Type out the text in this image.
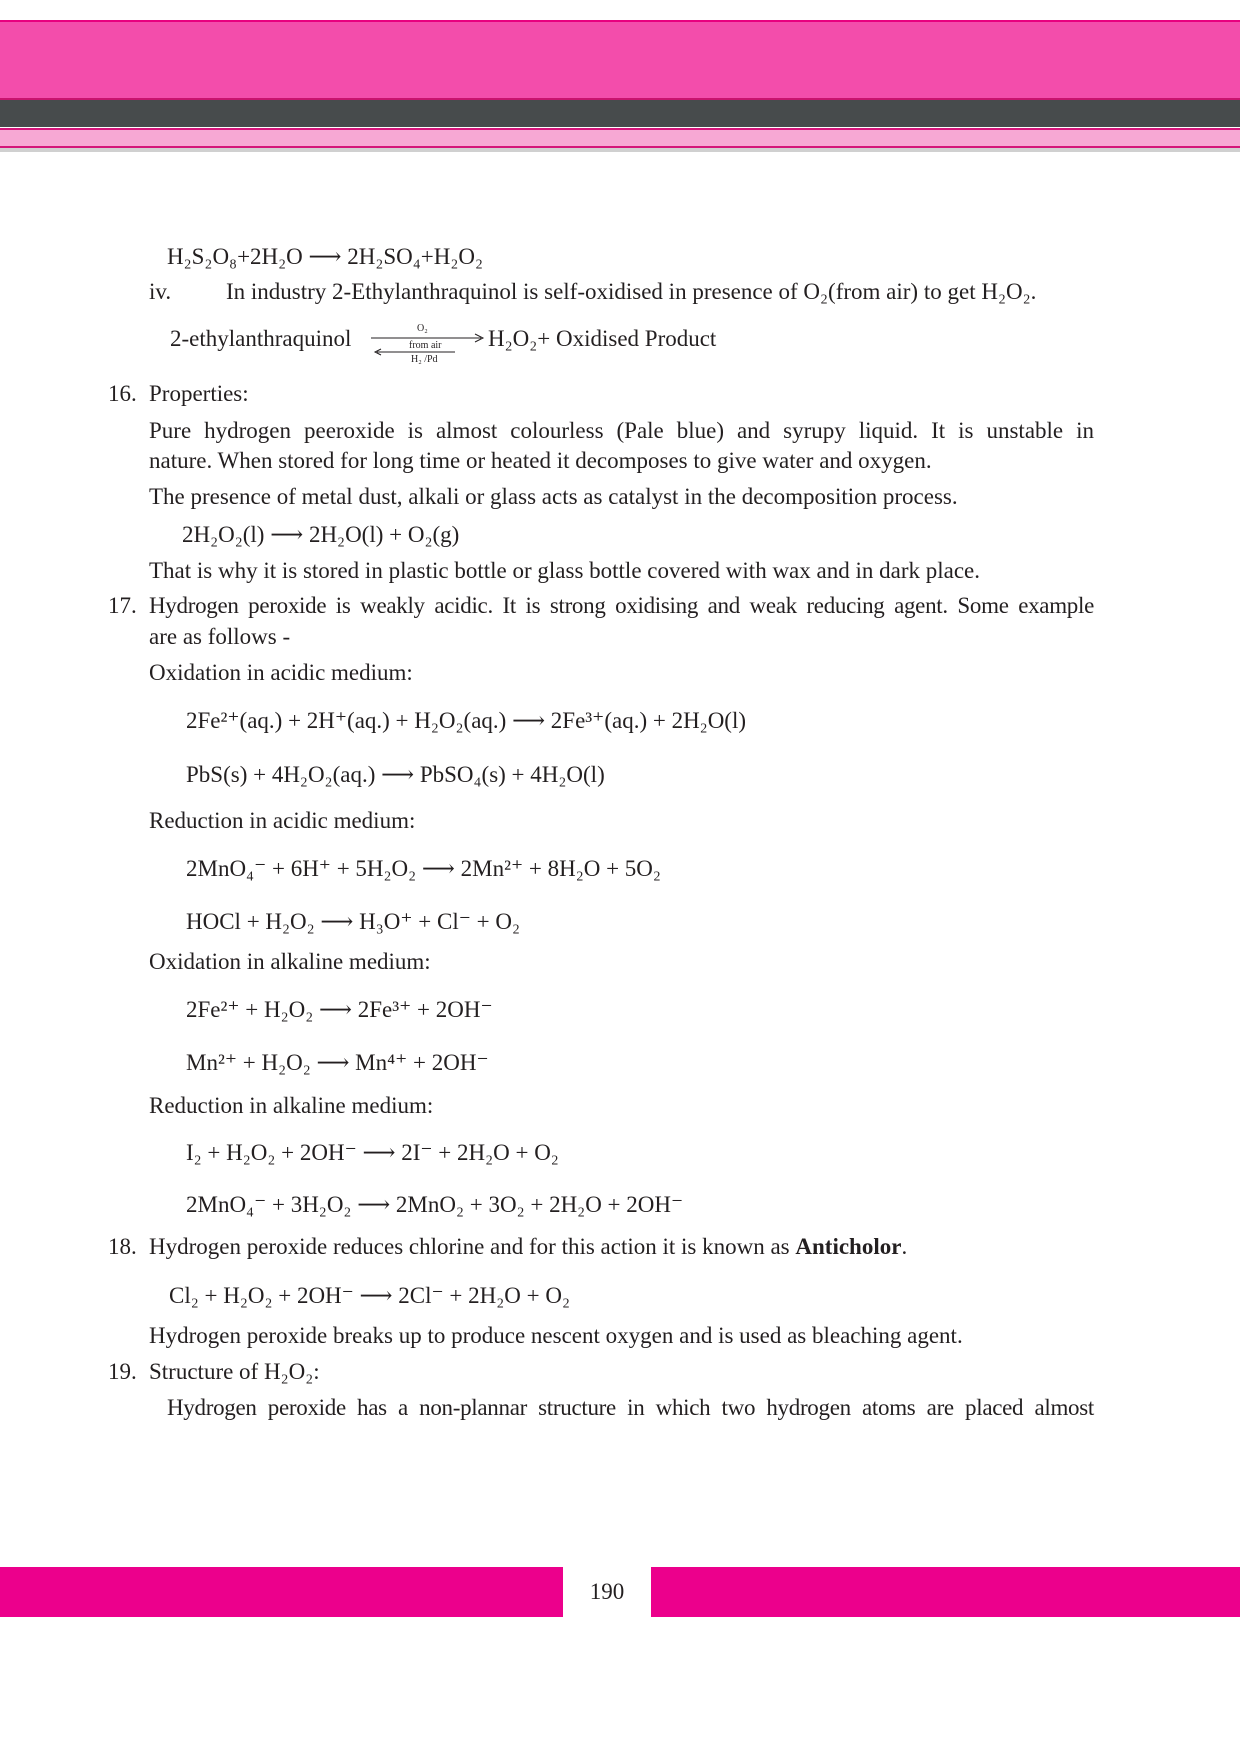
H₂S₂O₈+2H₂O ⟶ 2H₂SO₄+H₂O₂
iv. In industry 2-Ethylanthraquinol is self-oxidised in presence of O₂(from air) to get H₂O₂.
2-ethylanthraquinol	O₂
from air
H₂ /Pd
H₂O₂+ Oxidised Product
16. Properties:
Pure hydrogen peeroxide is almost colourless (Pale blue) and syrupy liquid. It is unstable in
nature. When stored for long time or heated it decomposes to give water and oxygen.
The presence of metal dust, alkali or glass acts as catalyst in the decomposition process.
2H₂O₂(l) ⟶ 2H₂O(l) + O₂(g)
That is why it is stored in plastic bottle or glass bottle covered with wax and in dark place.
17. Hydrogen peroxide is weakly acidic. It is strong oxidising and weak reducing agent. Some example
are as follows -
Oxidation in acidic medium:
2Fe²⁺(aq.) + 2H⁺(aq.) + H₂O₂(aq.) ⟶ 2Fe³⁺(aq.) + 2H₂O(l)
PbS(s) + 4H₂O₂(aq.) ⟶ PbSO₄(s) + 4H₂O(l)
Reduction in acidic medium:
2MnO₄⁻ + 6H⁺ + 5H₂O₂ ⟶ 2Mn²⁺ + 8H₂O + 5O₂
HOCl + H₂O₂ ⟶ H₃O⁺ + Cl⁻ + O₂
Oxidation in alkaline medium:
2Fe²⁺ + H₂O₂ ⟶ 2Fe³⁺ + 2OH⁻
Mn²⁺ + H₂O₂ ⟶ Mn⁴⁺ + 2OH⁻
Reduction in alkaline medium:
I₂ + H₂O₂ + 2OH⁻ ⟶ 2I⁻ + 2H₂O + O₂
2MnO₄⁻ + 3H₂O₂ ⟶ 2MnO₂ + 3O₂ + 2H₂O + 2OH⁻
18. Hydrogen peroxide reduces chlorine and for this action it is known as Anticholor.
Cl₂ + H₂O₂ + 2OH⁻ ⟶ 2Cl⁻ + 2H₂O + O₂
Hydrogen peroxide breaks up to produce nescent oxygen and is used as bleaching agent.
19. Structure of H₂O₂:
Hydrogen peroxide has a non-plannar structure in which two hydrogen atoms are placed almost
190
